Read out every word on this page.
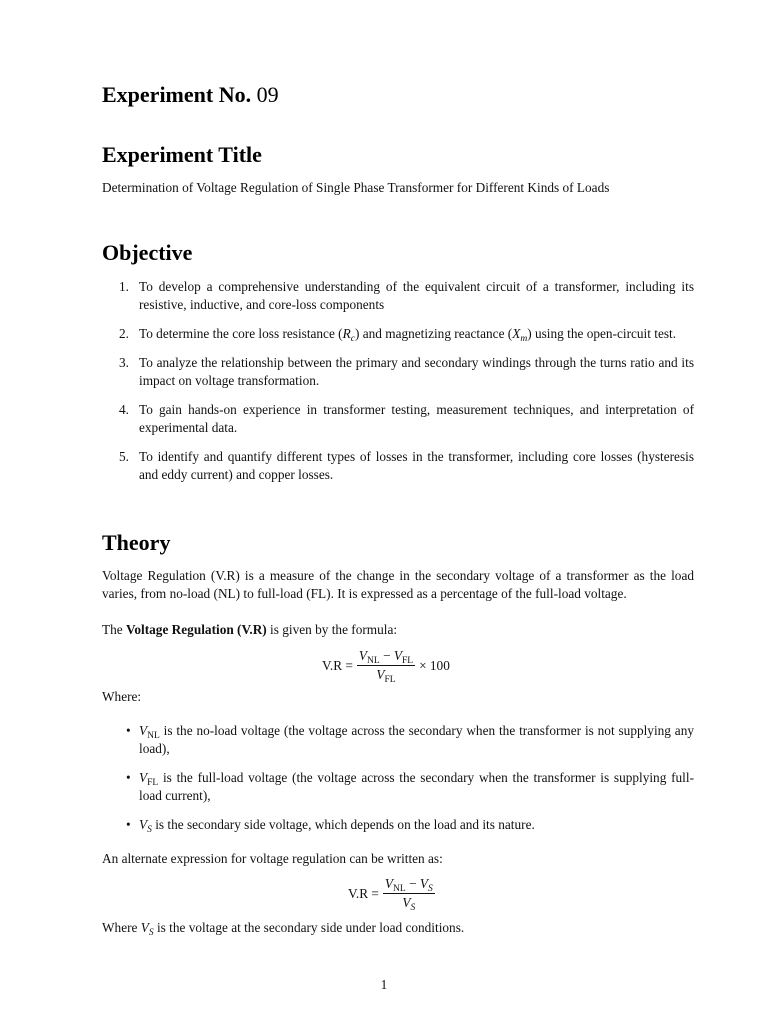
Experiment No. 09
Experiment Title

Determination of Voltage Regulation of Single Phase Transformer for Different Kinds of Loads

Objective
1. To develop a comprehensive understanding of the equivalent circuit of a transformer, including its resistive, inductive, and core-loss components
2. To determine the core loss resistance $(R_c)$ and magnetizing reactance $(X_m)$ using the open-circuit test.
3. To analyze the relationship between the primary and secondary windings through the turns ratio and its impact on voltage transformation.
4. To gain hands-on experience in transformer testing, measurement techniques, and interpretation of experimental data.
5. To identify and quantify different types of losses in the transformer, including core losses (hysteresis and eddy current) and copper losses.
Theory

Voltage Regulation (V.R) is a measure of the change in the secondary voltage of a transformer as the load varies, from no-load (NL) to full-load (FL). It is expressed as a percentage of the full-load voltage.

The Voltage Regulation (V.R) is given by the formula:

$V.R = \frac{V_{NL} - V_{FL}}{V_{FL}} \times 100$

Where:

• $V_{NL}$ is the no-load voltage (the voltage across the secondary when the transformer is not supplying any load),
• $V_{FL}$ is the full-load voltage (the voltage across the secondary when the transformer is supplying full-load current),
• $V_S$ is the secondary side voltage, which depends on the load and its nature.

An alternate expression for voltage regulation can be written as:

$V.R = \frac{V_{NL} - V_S}{V_S}$

Where $V_S$ is the voltage at the secondary side under load conditions.

1
